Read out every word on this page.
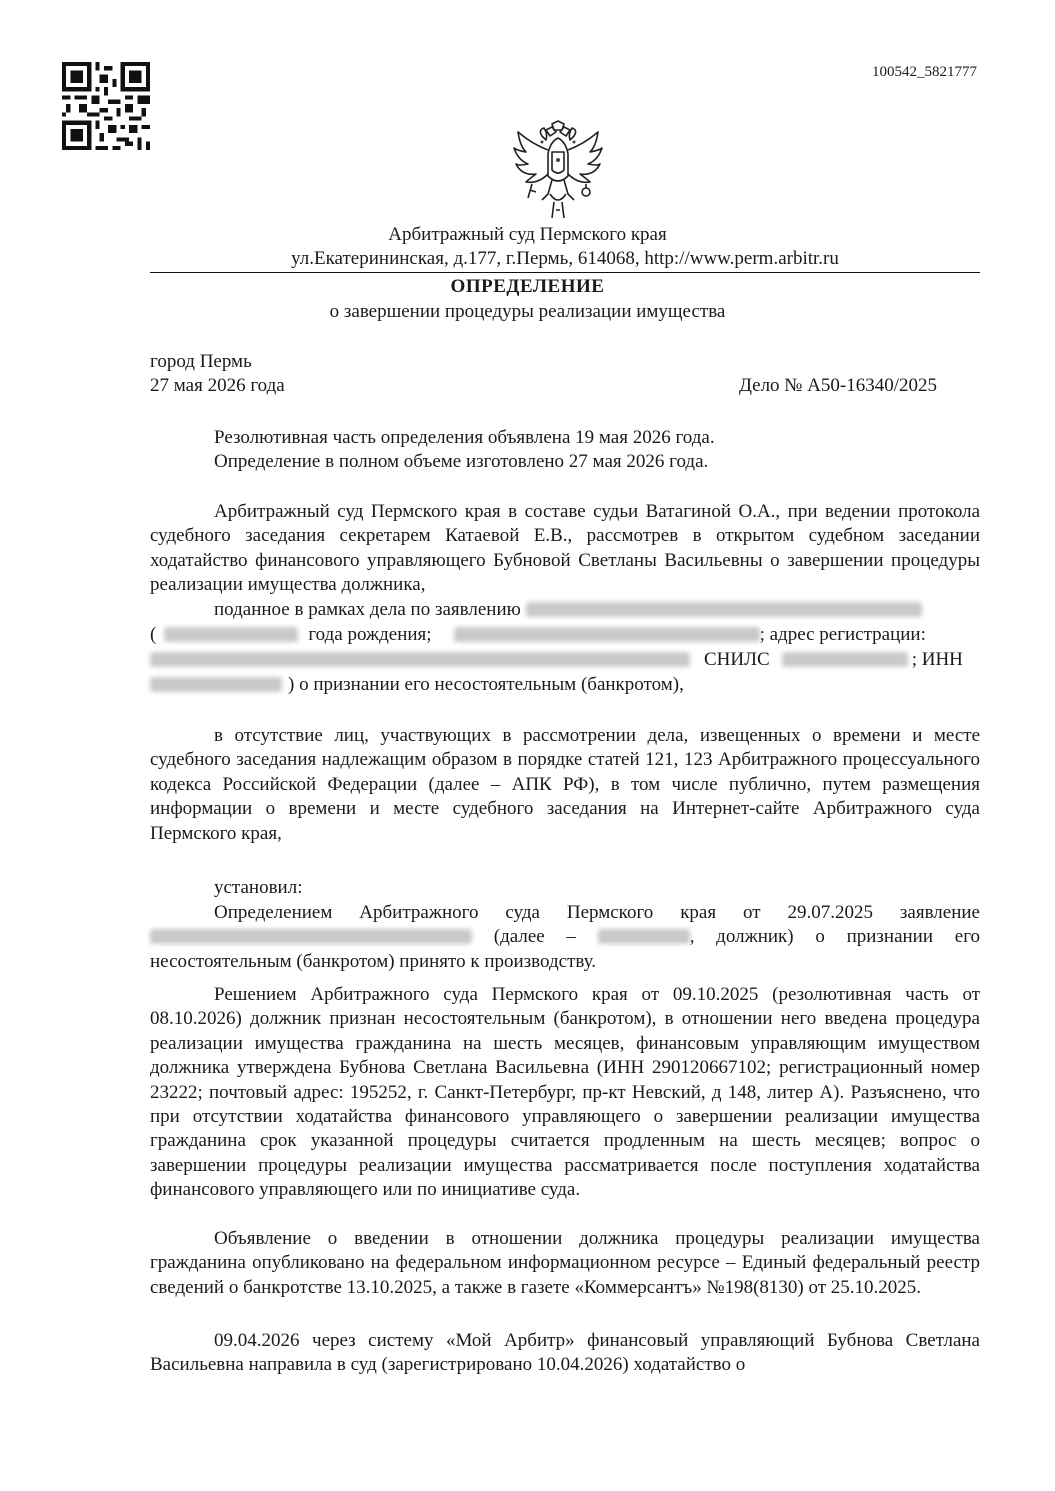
100542_5821777
Арбитражный суд Пермского края
ул.Екатерининская, д.177, г.Пермь, 614068, http://www.perm.arbitr.ru
ОПРЕДЕЛЕНИЕ
о завершении процедуры реализации имущества
город Пермь
27 мая 2026 года	Дело № А50-16340/2025

Резолютивная часть определения объявлена 19 мая 2026 года.

Определение в полном объеме изготовлено 27 мая 2026 года.

Арбитражный суд Пермского края в составе судьи Ватагиной О.А., при ведении протокола судебного заседания секретарем Катаевой Е.В., рассмотрев в открытом судебном заседании ходатайство финансового управляющего Бубновой Светланы Васильевны о завершении процедуры реализации имущества должника,

поданное в рамках дела по заявлению

(	года рождения;	; адрес регистрации:

СНИЛС	; ИНН

) о признании его несостоятельным (банкротом),

в отсутствие лиц, участвующих в рассмотрении дела, извещенных о времени и месте судебного заседания надлежащим образом в порядке статей 121, 123 Арбитражного процессуального кодекса Российской Федерации (далее – АПК РФ), в том числе публично, путем размещения информации о времени и месте судебного заседания на Интернет-сайте Арбитражного суда Пермского края,

установил:

Определением Арбитражного суда Пермского края от 29.07.2025 заявление  (далее –	, должник) о признании его несостоятельным (банкротом) принято к производству.

Решением Арбитражного суда Пермского края от 09.10.2025 (резолютивная часть от 08.10.2026) должник признан несостоятельным (банкротом), в отношении него введена процедура реализации имущества гражданина на шесть месяцев, финансовым управляющим имуществом должника утверждена Бубнова Светлана Васильевна (ИНН 290120667102; регистрационный номер 23222; почтовый адрес: 195252, г. Санкт-Петербург, пр-кт Невский, д 148, литер А). Разъяснено, что при отсутствии ходатайства финансового управляющего о завершении реализации имущества гражданина срок указанной процедуры считается продленным на шесть месяцев; вопрос о завершении процедуры реализации имущества рассматривается после поступления ходатайства финансового управляющего или по инициативе суда.

Объявление о введении в отношении должника процедуры реализации имущества гражданина опубликовано на федеральном информационном ресурсе – Единый федеральный реестр сведений о банкротстве 13.10.2025, а также в газете «Коммерсантъ» №198(8130) от 25.10.2025.

09.04.2026 через систему «Мой Арбитр» финансовый управляющий Бубнова Светлана Васильевна направила в суд (зарегистрировано 10.04.2026) ходатайство о
